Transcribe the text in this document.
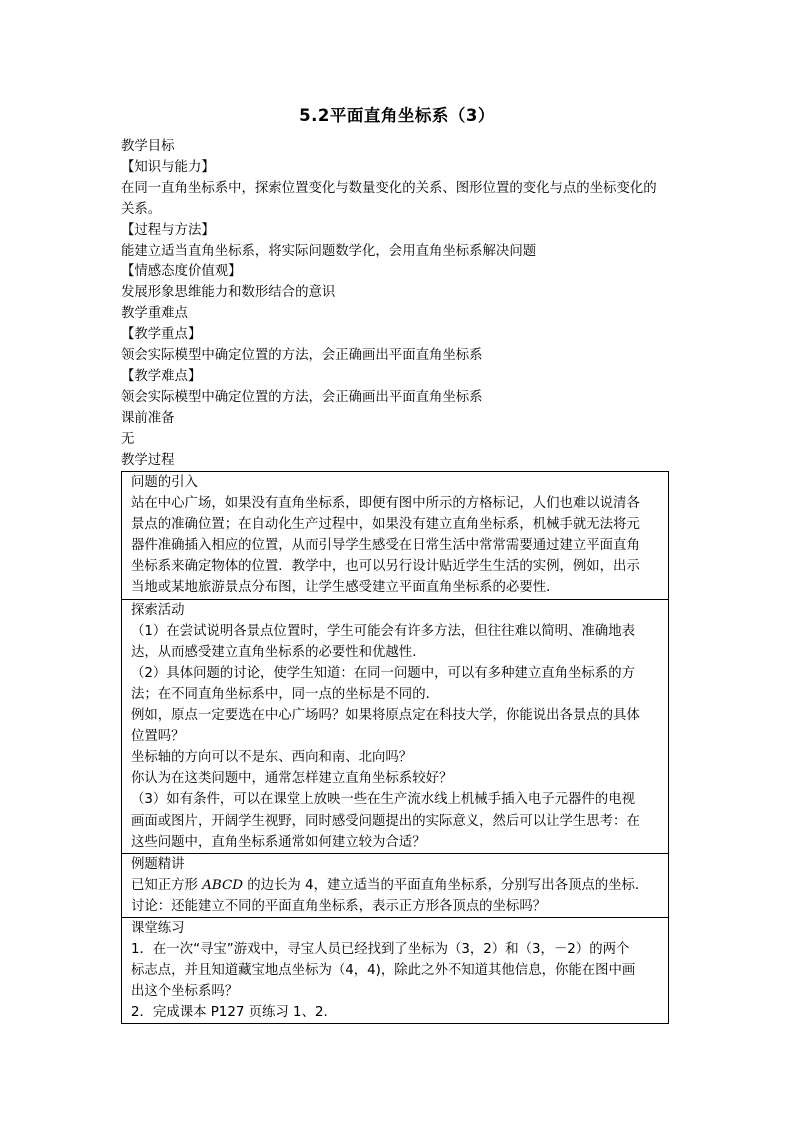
5.2平面直角坐标系（3）

教学目标

【知识与能力】

在同一直角坐标系中，探索位置变化与数量变化的关系、图形位置的变化与点的坐标变化的

关系。

【过程与方法】

能建立适当直角坐标系，将实际问题数学化，会用直角坐标系解决问题

【情感态度价值观】

发展形象思维能力和数形结合的意识

教学重难点

【教学重点】

领会实际模型中确定位置的方法，会正确画出平面直角坐标系

【教学难点】

领会实际模型中确定位置的方法，会正确画出平面直角坐标系

课前准备

无

教学过程

问题的引入

站在中心广场，如果没有直角坐标系，即便有图中所示的方格标记，人们也难以说清各

景点的准确位置；在自动化生产过程中，如果没有建立直角坐标系，机械手就无法将元

器件准确插入相应的位置，从而引导学生感受在日常生活中常常需要通过建立平面直角

坐标系来确定物体的位置．教学中，也可以另行设计贴近学生生活的实例，例如，出示

当地或某地旅游景点分布图，让学生感受建立平面直角坐标系的必要性．

探索活动

（1）在尝试说明各景点位置时，学生可能会有许多方法，但往往难以简明、准确地表

达，从而感受建立直角坐标系的必要性和优越性．

（2）具体问题的讨论，使学生知道：在同一问题中，可以有多种建立直角坐标系的方

法；在不同直角坐标系中，同一点的坐标是不同的．

例如，原点一定要选在中心广场吗？如果将原点定在科技大学，你能说出各景点的具体

位置吗？

坐标轴的方向可以不是东、西向和南、北向吗？

你认为在这类问题中，通常怎样建立直角坐标系较好？

（3）如有条件，可以在课堂上放映一些在生产流水线上机械手插入电子元器件的电视

画面或图片，开阔学生视野，同时感受问题提出的实际意义，然后可以让学生思考：在

这些问题中，直角坐标系通常如何建立较为合适？

例题精讲

已知正方形 ABCD 的边长为 4，建立适当的平面直角坐标系，分别写出各顶点的坐标．

讨论：还能建立不同的平面直角坐标系，表示正方形各顶点的坐标吗？

课堂练习

1．在一次“寻宝”游戏中，寻宝人员已经找到了坐标为（3，2）和（3，－2）的两个

标志点，并且知道藏宝地点坐标为（4，4)，除此之外不知道其他信息，你能在图中画

出这个坐标系吗？

2．完成课本 P127 页练习 1、2.
